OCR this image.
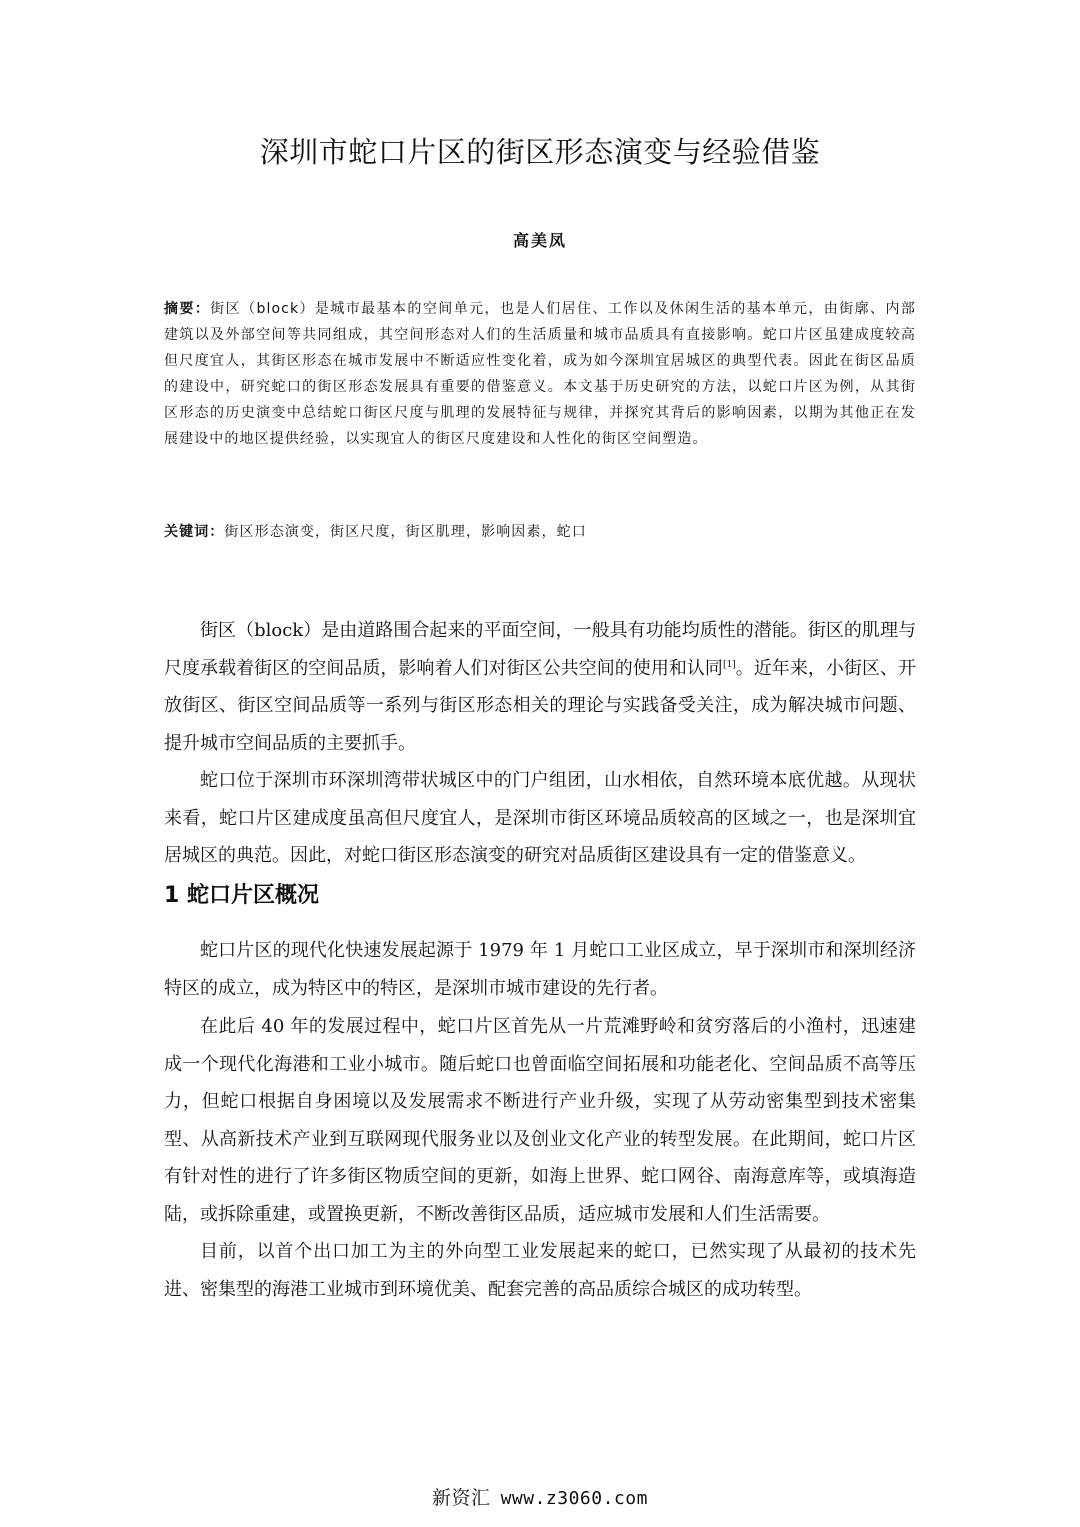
深圳市蛇口片区的街区形态演变与经验借鉴
高美凤
摘要：街区（block）是城市最基本的空间单元，也是人们居住、工作以及休闲生活的基本单元，由街廓、内部建筑以及外部空间等共同组成，其空间形态对人们的生活质量和城市品质具有直接影响。蛇口片区虽建成度较高但尺度宜人，其街区形态在城市发展中不断适应性变化着，成为如今深圳宜居城区的典型代表。因此在街区品质的建设中，研究蛇口的街区形态发展具有重要的借鉴意义。本文基于历史研究的方法，以蛇口片区为例，从其街区形态的历史演变中总结蛇口街区尺度与肌理的发展特征与规律，并探究其背后的影响因素，以期为其他正在发展建设中的地区提供经验，以实现宜人的街区尺度建设和人性化的街区空间塑造。
关键词：街区形态演变，街区尺度，街区肌理，影响因素，蛇口

街区（block）是由道路围合起来的平面空间，一般具有功能均质性的潜能。街区的肌理与尺度承载着街区的空间品质，影响着人们对街区公共空间的使用和认同[1]。近年来，小街区、开放街区、街区空间品质等一系列与街区形态相关的理论与实践备受关注，成为解决城市问题、提升城市空间品质的主要抓手。

蛇口位于深圳市环深圳湾带状城区中的门户组团，山水相依，自然环境本底优越。从现状来看，蛇口片区建成度虽高但尺度宜人，是深圳市街区环境品质较高的区域之一，也是深圳宜居城区的典范。因此，对蛇口街区形态演变的研究对品质街区建设具有一定的借鉴意义。

1 蛇口片区概况

蛇口片区的现代化快速发展起源于 1979 年 1 月蛇口工业区成立，早于深圳市和深圳经济特区的成立，成为特区中的特区，是深圳市城市建设的先行者。

在此后 40 年的发展过程中，蛇口片区首先从一片荒滩野岭和贫穷落后的小渔村，迅速建成一个现代化海港和工业小城市。随后蛇口也曾面临空间拓展和功能老化、空间品质不高等压力，但蛇口根据自身困境以及发展需求不断进行产业升级，实现了从劳动密集型到技术密集型、从高新技术产业到互联网现代服务业以及创业文化产业的转型发展。在此期间，蛇口片区有针对性的进行了许多街区物质空间的更新，如海上世界、蛇口网谷、南海意库等，或填海造陆，或拆除重建，或置换更新，不断改善街区品质，适应城市发展和人们生活需要。

目前，以首个出口加工为主的外向型工业发展起来的蛇口，已然实现了从最初的技术先进、密集型的海港工业城市到环境优美、配套完善的高品质综合城区的成功转型。

新资汇 www.z3060.com
